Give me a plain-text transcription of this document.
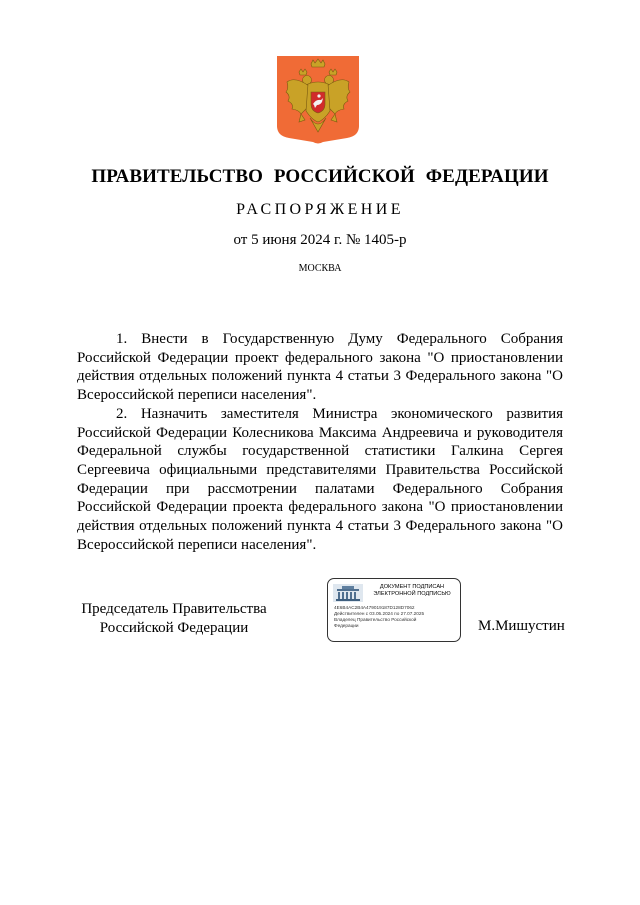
ПРАВИТЕЛЬСТВО РОССИЙСКОЙ ФЕДЕРАЦИИ
РАСПОРЯЖЕНИЕ
от 5 июня 2024 г. № 1405-р
МОСКВА

1. Внести в Государственную Думу Федерального Собрания Российской Федерации проект федерального закона "О приостановлении действия отдельных положений пункта 4 статьи 3 Федерального закона "О Всероссийской переписи населения".

2. Назначить заместителя Министра экономического развития Российской Федерации Колесникова Максима Андреевича и руководителя Федеральной службы государственной статистики Галкина Сергея Сергеевича официальными представителями Правительства Российской Федерации при рассмотрении палатами Федерального Собрания Российской Федерации проекта федерального закона "О приостановлении действия отдельных положений пункта 4 статьи 3 Федерального закона "О Всероссийской переписи населения".

Председатель Правительства
Российской Федерации
ДОКУМЕНТ ПОДПИСАН
ЭЛЕКТРОННОЙ ПОДПИСЬЮ
4E6B4AC2B4A479019187D128D7062
Действителен с 03.05.2024 по 27.07.2025
Владелец Правительство Российской
Федерации	М.Мишустин
